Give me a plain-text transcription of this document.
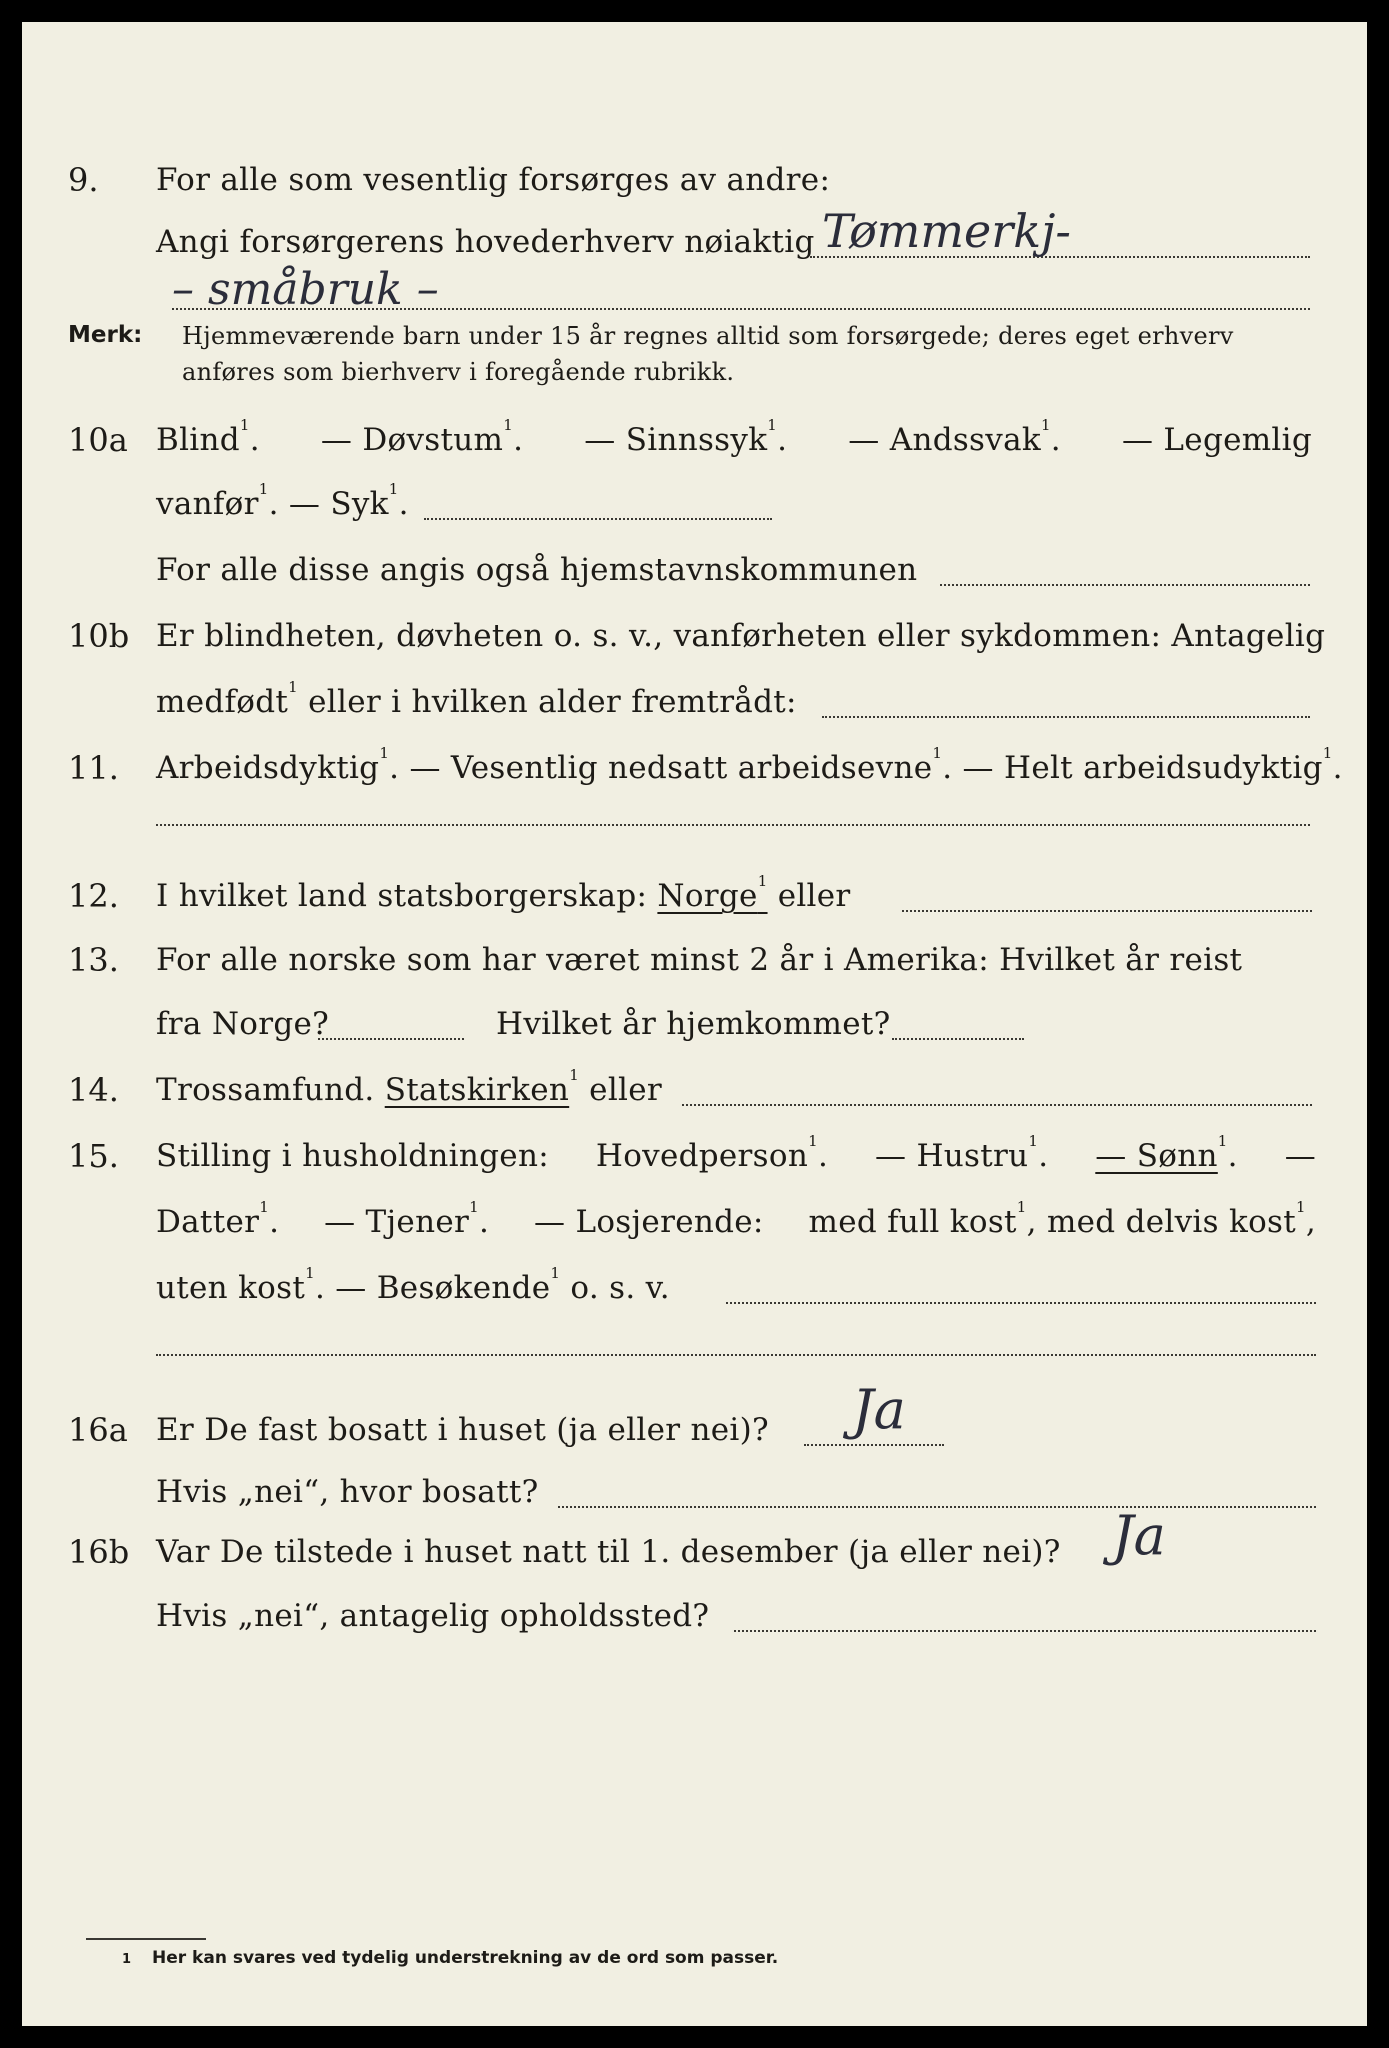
9. For alle som vesentlig forsørges av andre:
Angi forsørgerens hovederhverv nøiaktig Tømmerkj-
– småbruk –
Merk: Hjemmeværende barn under 15 år regnes alltid som forsørgede; deres eget erhverv
anføres som bierhverv i foregående rubrikk.
10a Blind$^1$. — Døvstum$^1$. — Sinnssyk$^1$. — Andssvak$^1$. — Legemlig
vanfør$^1$. — Syk$^1$.
For alle disse angis også hjemstavnskommunen
10b Er blindheten, døvheten o. s. v., vanførheten eller sykdommen: Antagelig
medfødt$^1$ eller i hvilken alder fremtrådt:
11. Arbeidsdyktig$^1$. — Vesentlig nedsatt arbeidsevne$^1$. — Helt arbeidsudyktig$^1$.
12. I hvilket land statsborgerskap: Norge$^1$ eller
13. For alle norske som har været minst 2 år i Amerika: Hvilket år reist
fra Norge?	Hvilket år hjemkommet?
14. Trossamfund. Statskirken$^1$ eller
15. Stilling i husholdningen: Hovedperson$^1$. — Hustru$^1$. — Sønn$^1$. —
Datter$^1$. — Tjener$^1$. — Losjerende: med full kost$^1$, med delvis kost$^1$,
uten kost$^1$. — Besøkende$^1$ o. s. v.
16a Er De fast bosatt i huset (ja eller nei)? Ja
Hvis „nei“, hvor bosatt?
16b Var De tilstede i huset natt til 1. desember (ja eller nei)? Ja
Hvis „nei“, antagelig opholdssted?
1 Her kan svares ved tydelig understrekning av de ord som passer.
